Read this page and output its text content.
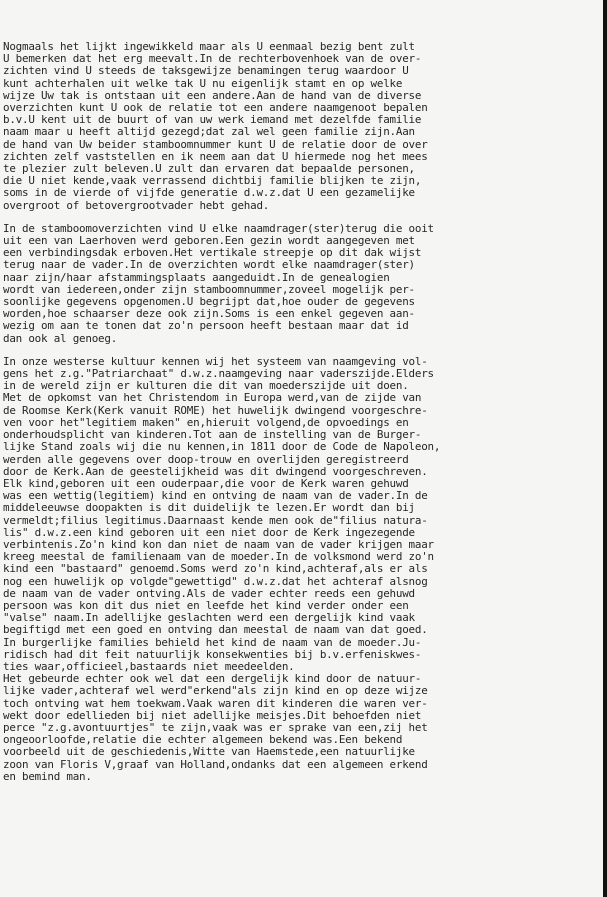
Nogmaals het lijkt ingewikkeld maar als U eenmaal bezig bent zult
U bemerken dat het erg meevalt.In de rechterbovenhoek van de over-
zichten vind U steeds de taksgewijze benamingen terug waardoor U
kunt achterhalen uit welke tak U nu eigenlijk stamt en op welke
wijze Uw tak is ontstaan uit een andere.Aan de hand van de diverse
overzichten kunt U ook de relatie tot een andere naamgenoot bepalen
b.v.U kent uit de buurt of van uw werk iemand met dezelfde familie
naam maar u heeft altijd gezegd;dat zal wel geen familie zijn.Aan
de hand van Uw beider stamboomnummer kunt U de relatie door de over
zichten zelf vaststellen en ik neem aan dat U hiermede nog het mees
te plezier zult beleven.U zult dan ervaren dat bepaalde personen,
die U niet kende,vaak verrassend dichtbij familie blijken te zijn,
soms in de vierde of vijfde generatie d.w.z.dat U een gezamelijke
overgroot of betovergrootvader hebt gehad.
In de stamboomoverzichten vind U elke naamdrager(ster)terug die ooit
uit een van Laerhoven werd geboren.Een gezin wordt aangegeven met
een verbindingsdak erboven.Het vertikale streepje op dit dak wijst
terug naar de vader.In de overzichten wordt elke naamdrager(ster)
naar zijn/haar afstammingsplaats aangeduidt.In de genealogien
wordt van iedereen,onder zijn stamboomnummer,zoveel mogelijk per-
soonlijke gegevens opgenomen.U begrijpt dat,hoe ouder de gegevens
worden,hoe schaarser deze ook zijn.Soms is een enkel gegeven aan-
wezig om aan te tonen dat zo'n persoon heeft bestaan maar dat id
dan ook al genoeg.
In onze westerse kultuur kennen wij het systeem van naamgeving vol-
gens het z.g."Patriarchaat" d.w.z.naamgeving naar vaderszijde.Elders
in de wereld zijn er kulturen die dit van moederszijde uit doen.
Met de opkomst van het Christendom in Europa werd,van de zijde van
de Roomse Kerk(Kerk vanuit ROME) het huwelijk dwingend voorgeschre-
ven voor het"legitiem maken" en,hieruit volgend,de opvoedings en
onderhoudsplicht van kinderen.Tot aan de instelling van de Burger-
lijke Stand zoals wij die nu kennen,in 1811 door de Code de Napoleon,
werden alle gegevens over doop-trouw en overlijden geregistreerd
door de Kerk.Aan de geestelijkheid was dit dwingend voorgeschreven.
Elk kind,geboren uit een ouderpaar,die voor de Kerk waren gehuwd
was een wettig(legitiem) kind en ontving de naam van de vader.In de
middeleeuwse doopakten is dit duidelijk te lezen.Er wordt dan bij
vermeldt;filius legitimus.Daarnaast kende men ook de"filius natura-
lis" d.w.z.een kind geboren uit een niet door de Kerk ingezegende
verbintenis.Zo'n kind kon dan niet de naam van de vader krijgen maar
kreeg meestal de familienaam van de moeder.In de volksmond werd zo'n
kind een "bastaard" genoemd.Soms werd zo'n kind,achteraf,als er als
nog een huwelijk op volgde"gewettigd" d.w.z.dat het achteraf alsnog
de naam van de vader ontving.Als de vader echter reeds een gehuwd
persoon was kon dit dus niet en leefde het kind verder onder een
"valse" naam.In adellijke geslachten werd een dergelijk kind vaak
begiftigd met een goed en ontving dan meestal de naam van dat goed.
In burgerlijke families behield het kind de naam van de moeder.Ju-
ridisch had dit feit natuurlijk konsekwenties bij b.v.erfeniskwes-
ties waar,officieel,bastaards niet meedeelden.
Het gebeurde echter ook wel dat een dergelijk kind door de natuur-
lijke vader,achteraf wel werd"erkend"als zijn kind en op deze wijze
toch ontving wat hem toekwam.Vaak waren dit kinderen die waren ver-
wekt door edellieden bij niet adellijke meisjes.Dit behoefden niet
perce "z.g.avontuurtjes" te zijn,vaak was er sprake van een,zij het
ongeoorloofde,relatie die echter algemeen bekend was.Een bekend
voorbeeld uit de geschiedenis,Witte van Haemstede,een natuurlijke
zoon van Floris V,graaf van Holland,ondanks dat een algemeen erkend
en bemind man.
